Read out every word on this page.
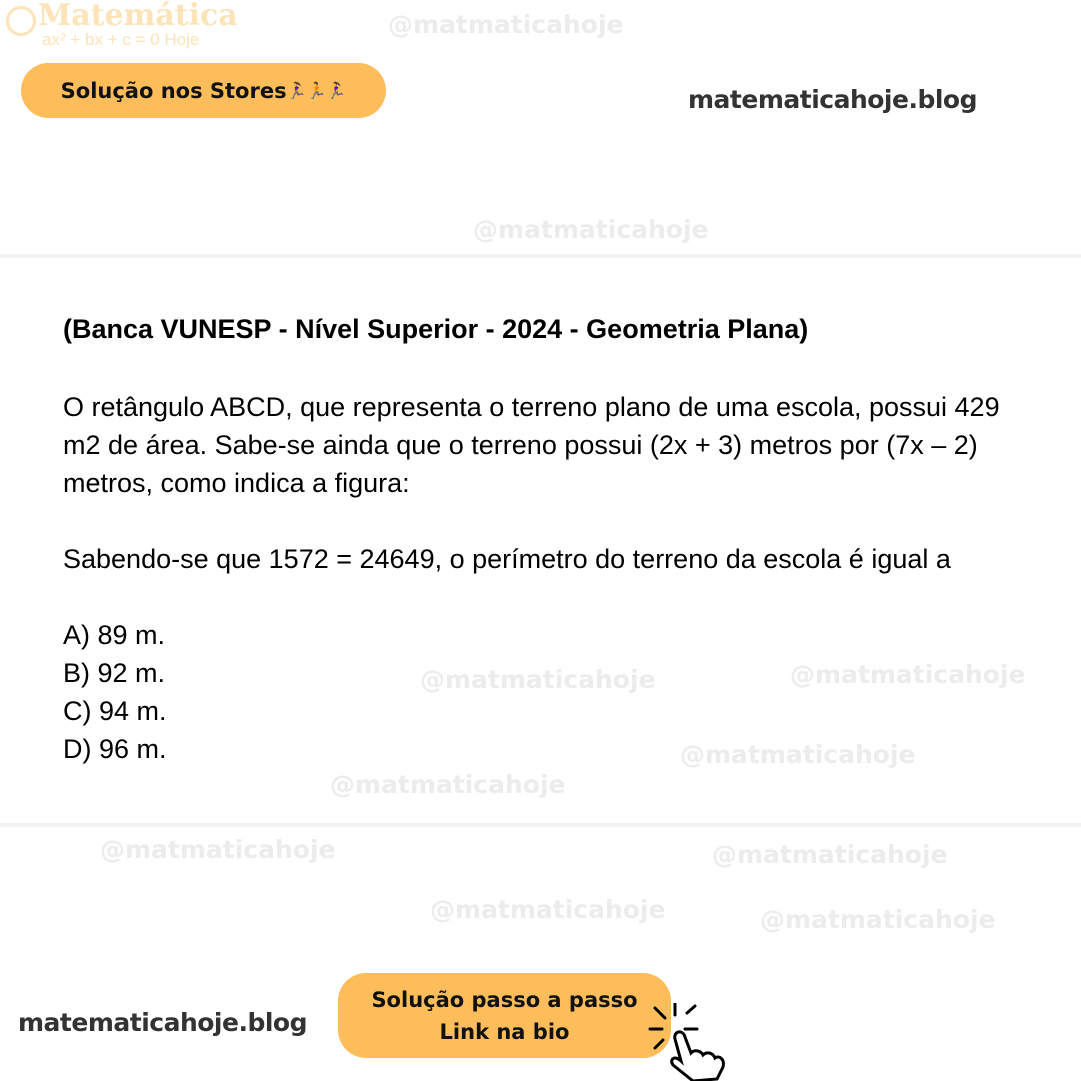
Matemática
ax² + bx + c = 0 Hoje
@matmaticahoje
@matmaticahoje
@matmaticahoje	@matmaticahoje
@matmaticahoje
@matmaticahoje
@matmaticahoje	@matmaticahoje
@matmaticahoje	@matmaticahoje
Solução nos Stores 🏃‍♀️🏃🏃‍♀️	matematicahoje.blog
(Banca VUNESP - Nível Superior - 2024 - Geometria Plana)
O retângulo ABCD, que representa o terreno plano de uma escola, possui 429 m2 de área. Sabe-se ainda que o terreno possui (2x + 3) metros por (7x – 2) metros, como indica a figura:
Sabendo-se que 1572 = 24649, o perímetro do terreno da escola é igual a
A) 89 m.
B) 92 m.
C) 94 m.
D) 96 m.
matematicahoje.blog
Solução passo a passo
Link na bio
